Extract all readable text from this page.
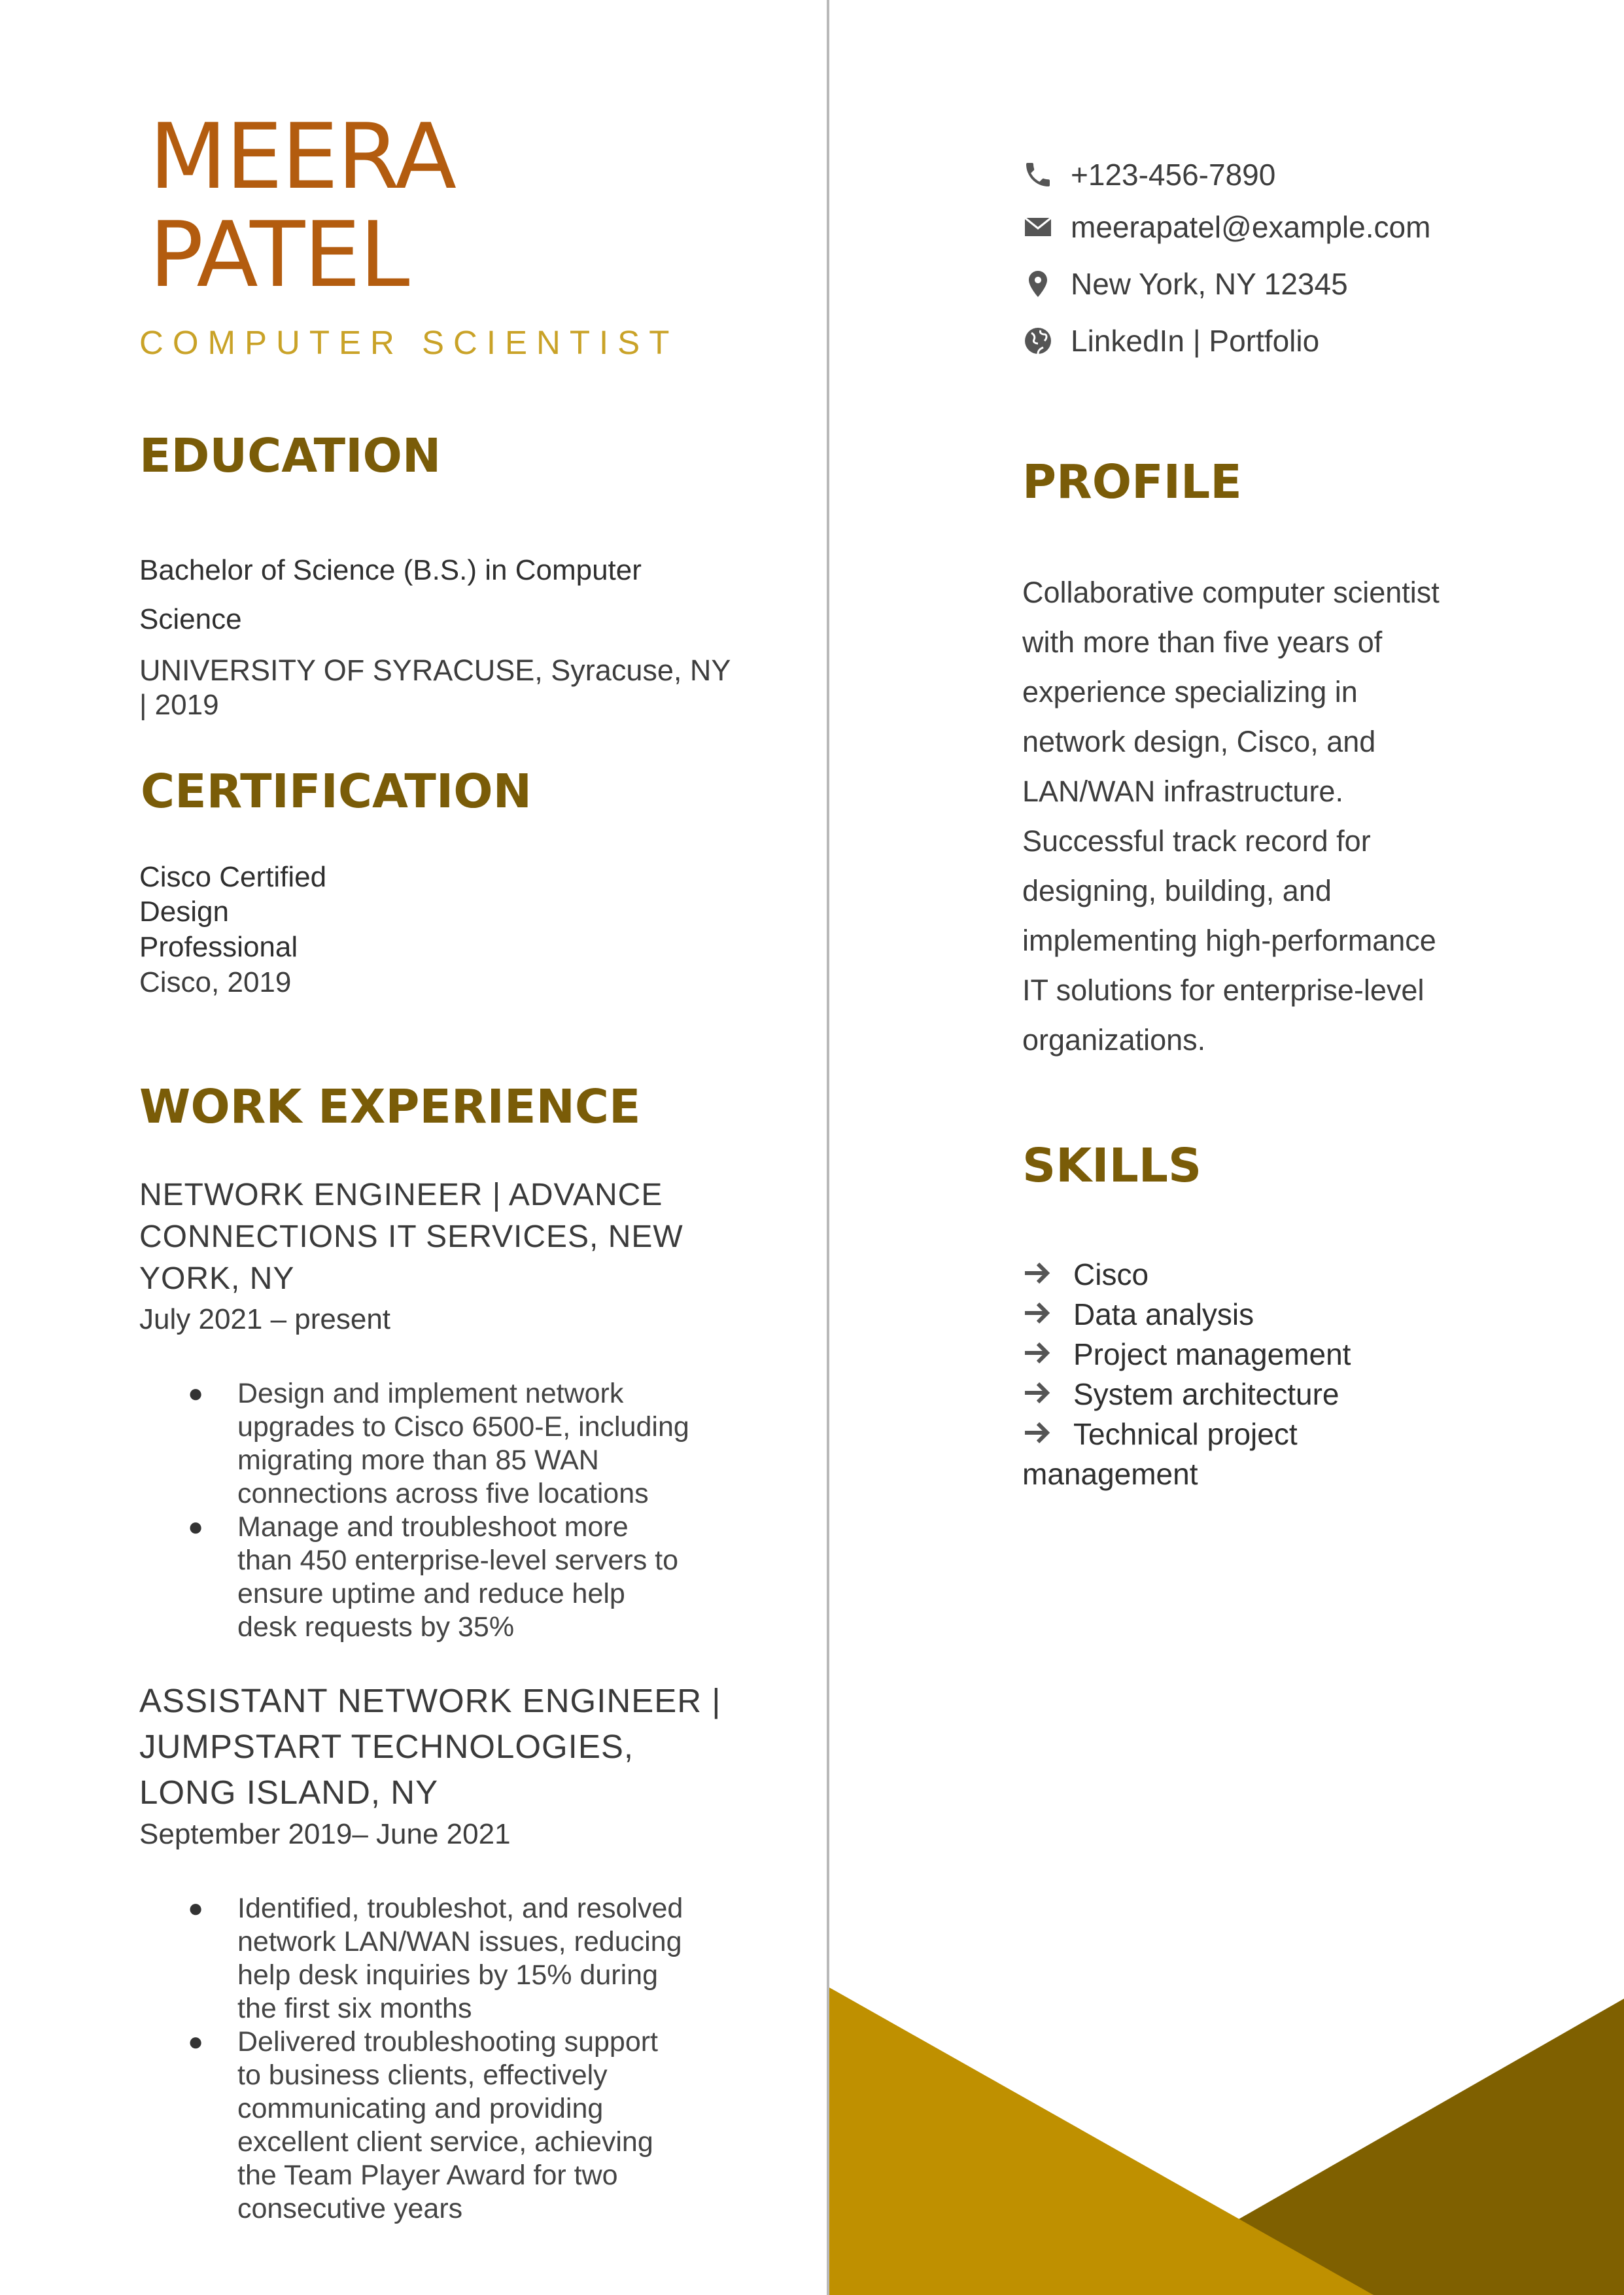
MEERA
PATEL
COMPUTER SCIENTIST
EDUCATION
Bachelor of Science (B.S.) in Computer
Science
UNIVERSITY OF SYRACUSE, Syracuse, NY
| 2019
CERTIFICATION
Cisco Certified
Design
Professional
Cisco, 2019
WORK EXPERIENCE
NETWORK ENGINEER | ADVANCE
CONNECTIONS IT SERVICES, NEW
YORK, NY
July 2021 – present
● Design and implement network
upgrades to Cisco 6500-E, including
migrating more than 85 WAN
connections across five locations
● Manage and troubleshoot more
than 450 enterprise-level servers to
ensure uptime and reduce help
desk requests by 35%
ASSISTANT NETWORK ENGINEER |
JUMPSTART TECHNOLOGIES,
LONG ISLAND, NY
September 2019– June 2021
● Identified, troubleshot, and resolved
network LAN/WAN issues, reducing
help desk inquiries by 15% during
the first six months
● Delivered troubleshooting support
to business clients, effectively
communicating and providing
excellent client service, achieving
the Team Player Award for two
consecutive years
+123-456-7890
meerapatel@example.com
New York, NY 12345
LinkedIn | Portfolio
PROFILE
Collaborative computer scientist
with more than five years of
experience specializing in
network design, Cisco, and
LAN/WAN infrastructure.
Successful track record for
designing, building, and
implementing high-performance
IT solutions for enterprise-level
organizations.
SKILLS
Cisco
Data analysis
Project management
System architecture
Technical project management
